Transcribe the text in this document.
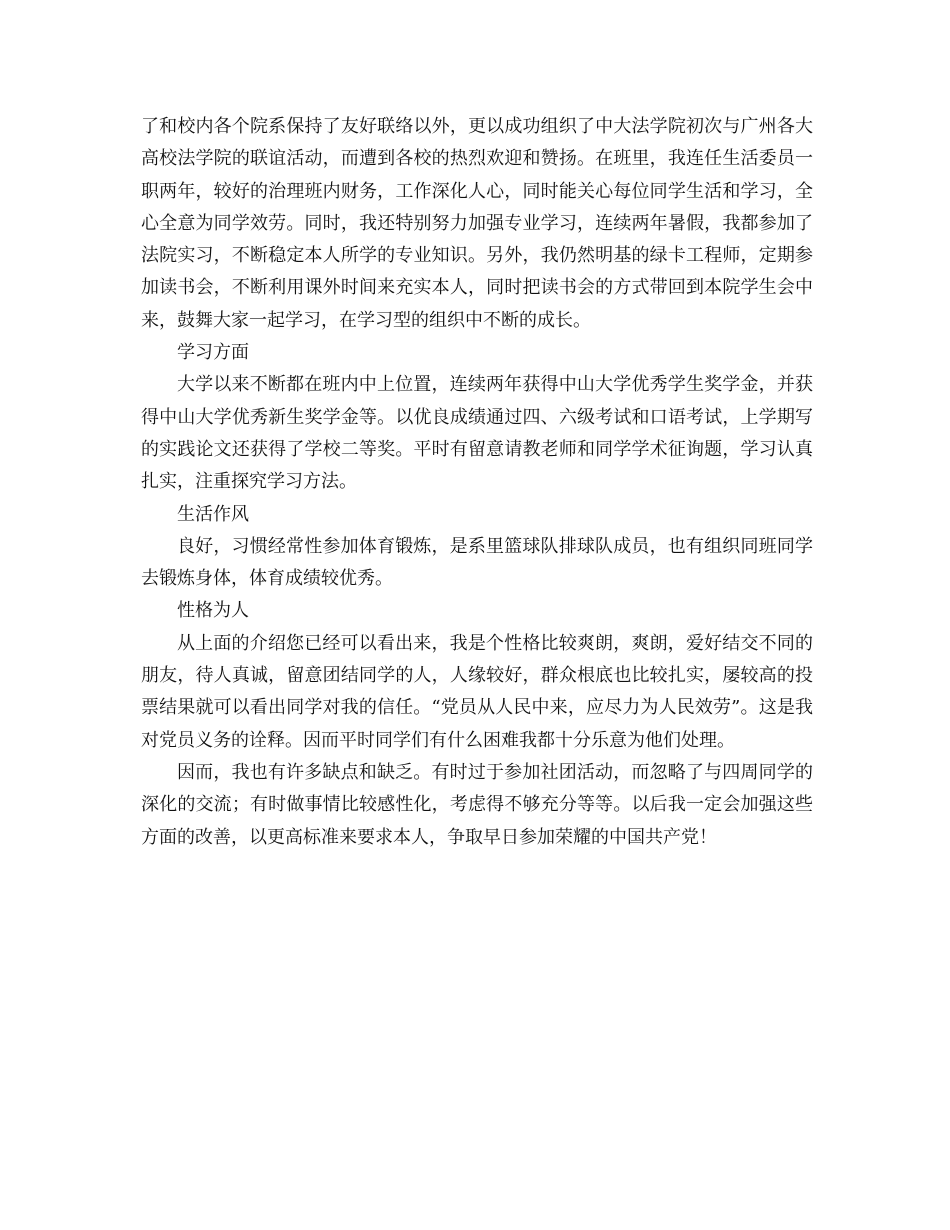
了和校内各个院系保持了友好联络以外，更以成功组织了中大法学院初次与广州各大高校法学院的联谊活动，而遭到各校的热烈欢迎和赞扬。在班里，我连任生活委员一职两年，较好的治理班内财务，工作深化人心，同时能关心每位同学生活和学习，全心全意为同学效劳。同时，我还特别努力加强专业学习，连续两年暑假，我都参加了法院实习，不断稳定本人所学的专业知识。另外，我仍然明基的绿卡工程师，定期参加读书会，不断利用课外时间来充实本人，同时把读书会的方式带回到本院学生会中来，鼓舞大家一起学习，在学习型的组织中不断的成长。

学习方面

大学以来不断都在班内中上位置，连续两年获得中山大学优秀学生奖学金，并获得中山大学优秀新生奖学金等。以优良成绩通过四、六级考试和口语考试，上学期写的实践论文还获得了学校二等奖。平时有留意请教老师和同学学术征询题，学习认真扎实，注重探究学习方法。

生活作风

良好，习惯经常性参加体育锻炼，是系里篮球队排球队成员，也有组织同班同学去锻炼身体，体育成绩较优秀。

性格为人

从上面的介绍您已经可以看出来，我是个性格比较爽朗，爽朗，爱好结交不同的朋友，待人真诚，留意团结同学的人，人缘较好，群众根底也比较扎实，屡较高的投票结果就可以看出同学对我的信任。“党员从人民中来，应尽力为人民效劳”。这是我对党员义务的诠释。因而平时同学们有什么困难我都十分乐意为他们处理。

因而，我也有许多缺点和缺乏。有时过于参加社团活动，而忽略了与四周同学的深化的交流；有时做事情比较感性化，考虑得不够充分等等。以后我一定会加强这些方面的改善，以更高标准来要求本人，争取早日参加荣耀的中国共产党！
